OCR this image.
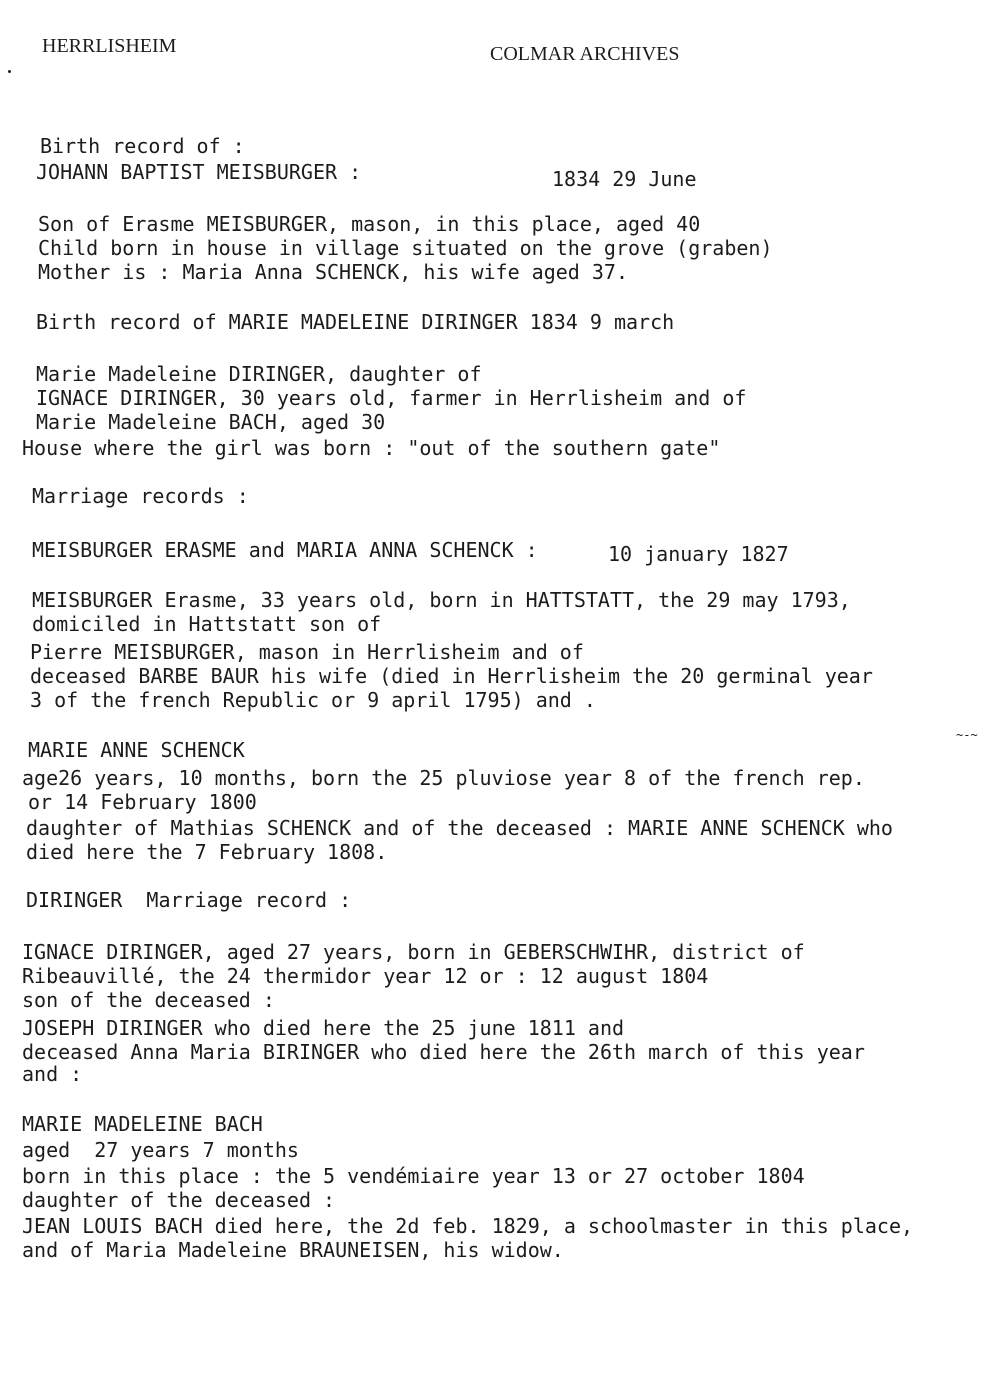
HERRLISHEIM	COLMAR ARCHIVES
Birth record of :
JOHANN BAPTIST MEISBURGER :	1834 29 June
Son of Erasme MEISBURGER, mason, in this place, aged 40
Child born in house in village situated on the grove (graben)
Mother is : Maria Anna SCHENCK, his wife aged 37.
Birth record of MARIE MADELEINE DIRINGER 1834 9 march
Marie Madeleine DIRINGER, daughter of
IGNACE DIRINGER, 30 years old, farmer in Herrlisheim and of
Marie Madeleine BACH, aged 30
House where the girl was born : "out of the southern gate"
Marriage records :
MEISBURGER ERASME and MARIA ANNA SCHENCK :	10 january 1827
MEISBURGER Erasme, 33 years old, born in HATTSTATT, the 29 may 1793,
domiciled in Hattstatt son of
Pierre MEISBURGER, mason in Herrlisheim and of
deceased BARBE BAUR his wife (died in Herrlisheim the 20 germinal year
3 of the french Republic or 9 april 1795) and .
~-~
MARIE ANNE SCHENCK
age26 years, 10 months, born the 25 pluviose year 8 of the french rep.
or 14 February 1800
daughter of Mathias SCHENCK and of the deceased : MARIE ANNE SCHENCK who
died here the 7 February 1808.
DIRINGER  Marriage record :
IGNACE DIRINGER, aged 27 years, born in GEBERSCHWIHR, district of
Ribeauvillé, the 24 thermidor year 12 or : 12 august 1804
son of the deceased :
JOSEPH DIRINGER who died here the 25 june 1811 and
deceased Anna Maria BIRINGER who died here the 26th march of this year
and :
MARIE MADELEINE BACH
aged  27 years 7 months
born in this place : the 5 vendémiaire year 13 or 27 october 1804
daughter of the deceased :
JEAN LOUIS BACH died here, the 2d feb. 1829, a schoolmaster in this place,
and of Maria Madeleine BRAUNEISEN, his widow.
